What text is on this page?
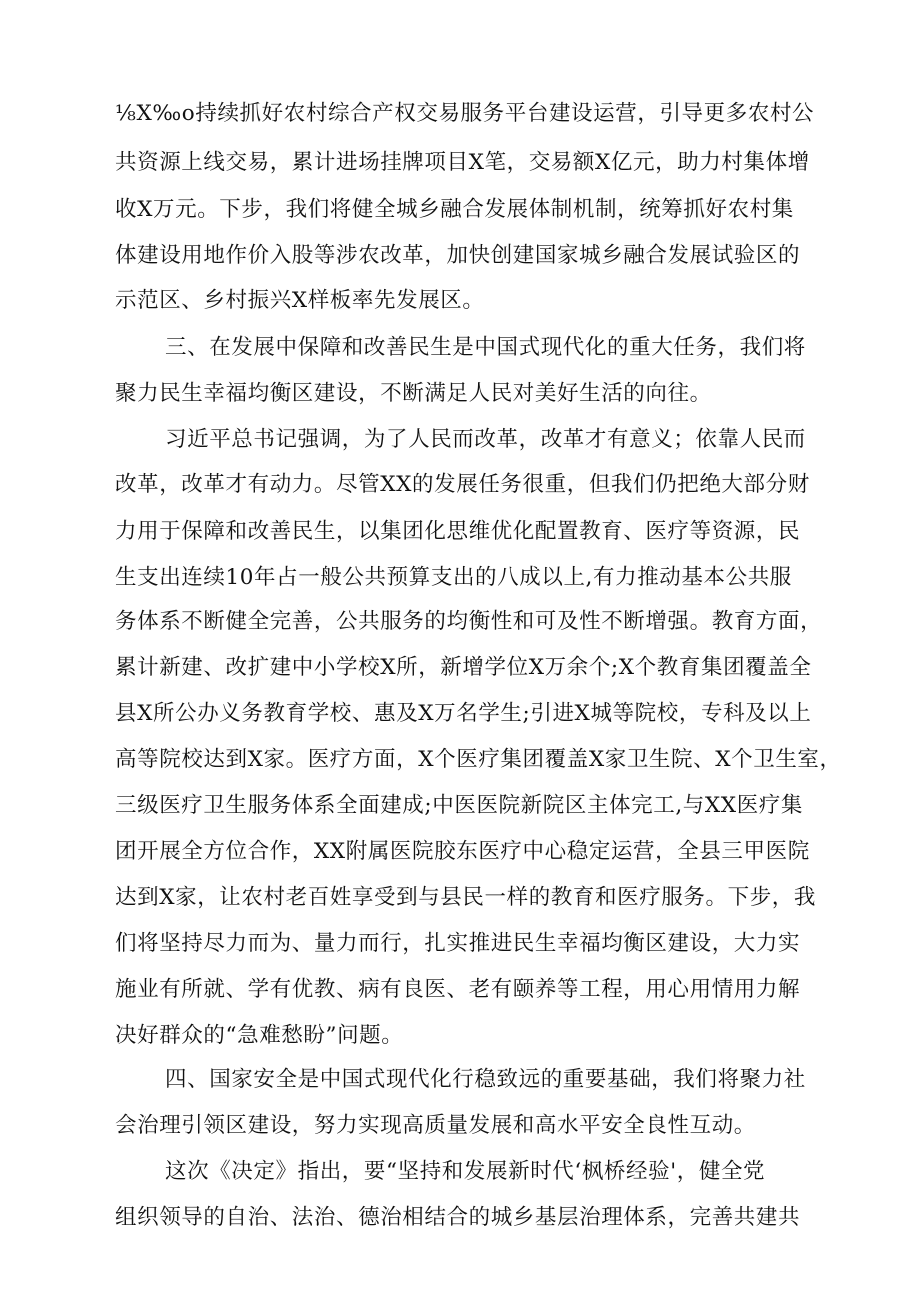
⅛X‰o持续抓好农村综合产权交易服务平台建设运营，引导更多农村公
共资源上线交易，累计进场挂牌项目X笔，交易额X亿元，助力村集体增
收X万元。下步，我们将健全城乡融合发展体制机制，统筹抓好农村集
体建设用地作价入股等涉农改革，加快创建国家城乡融合发展试验区的
示范区、乡村振兴X样板率先发展区。
三、在发展中保障和改善民生是中国式现代化的重大任务，我们将
聚力民生幸福均衡区建设，不断满足人民对美好生活的向往。
习近平总书记强调，为了人民而改革，改革才有意义；依靠人民而
改革，改革才有动力。尽管XX的发展任务很重，但我们仍把绝大部分财
力用于保障和改善民生，以集团化思维优化配置教育、医疗等资源，民
生支出连续10年占一般公共预算支出的八成以上,有力推动基本公共服
务体系不断健全完善，公共服务的均衡性和可及性不断增强。教育方面，
累计新建、改扩建中小学校X所，新增学位X万余个;X个教育集团覆盖全
县X所公办义务教育学校、惠及X万名学生;引进X城等院校，专科及以上
高等院校达到X家。医疗方面，X个医疗集团覆盖X家卫生院、X个卫生室，
三级医疗卫生服务体系全面建成;中医医院新院区主体完工,与XX医疗集
团开展全方位合作，XX附属医院胶东医疗中心稳定运营，全县三甲医院
达到X家，让农村老百姓享受到与县民一样的教育和医疗服务。下步，我
们将坚持尽力而为、量力而行，扎实推进民生幸福均衡区建设，大力实
施业有所就、学有优教、病有良医、老有颐养等工程，用心用情用力解
决好群众的“急难愁盼”问题。
四、国家安全是中国式现代化行稳致远的重要基础，我们将聚力社
会治理引领区建设，努力实现高质量发展和高水平安全良性互动。
这次《决定》指出，要“坚持和发展新时代‘枫桥经验'，健全党
组织领导的自治、法治、德治相结合的城乡基层治理体系，完善共建共
